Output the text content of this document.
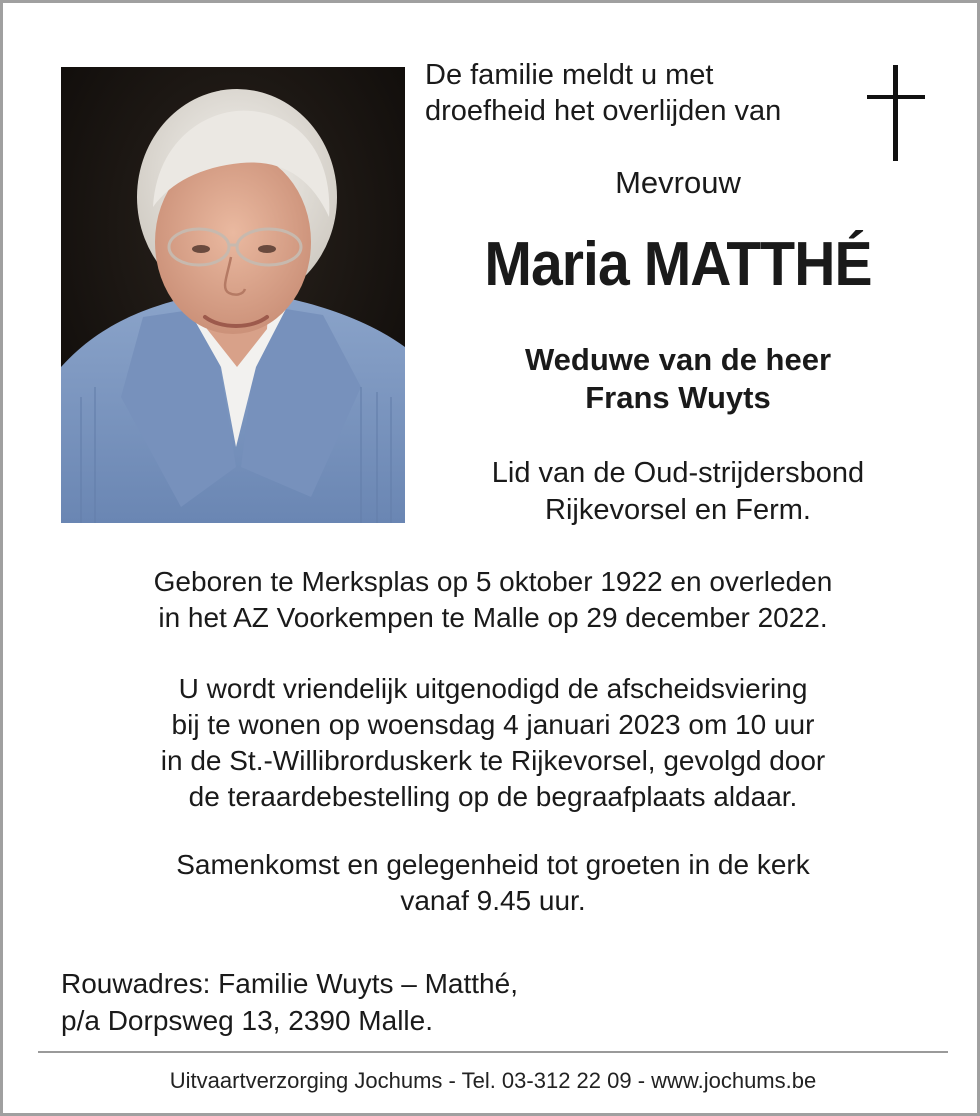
De familie meldt u met
droefheid het overlijden van
Mevrouw
Maria MATTHÉ
Weduwe van de heer
Frans Wuyts
Lid van de Oud-strijdersbond
Rijkevorsel en Ferm.
Geboren te Merksplas op 5 oktober 1922 en overleden
in het AZ Voorkempen te Malle op 29 december 2022.
U wordt vriendelijk uitgenodigd de afscheidsviering
bij te wonen op woensdag 4 januari 2023 om 10 uur
in de St.-Willibrorduskerk te Rijkevorsel, gevolgd door
de teraardebestelling op de begraafplaats aldaar.
Samenkomst en gelegenheid tot groeten in de kerk
vanaf 9.45 uur.
Rouwadres: Familie Wuyts – Matthé,
p/a Dorpsweg 13, 2390 Malle.
Uitvaartverzorging Jochums - Tel. 03-312 22 09 - www.jochums.be
